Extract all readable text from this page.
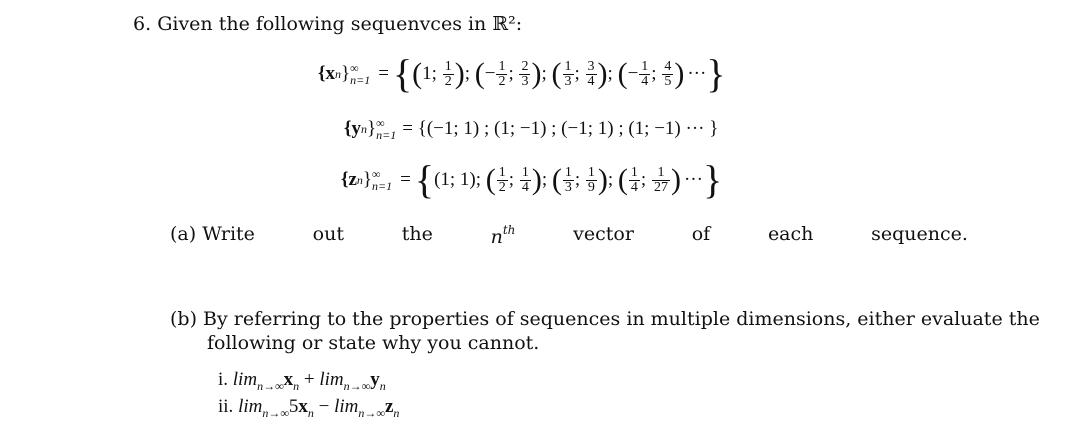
6. Given the following sequenvces in ℝ²:
{x n } ∞
n=1 = { ( 1; $\frac{1}{2}$ ) ; ( − $\frac{1}{2}$ ; $\frac{2}{3}$ ) ; ( $\frac{1}{3}$ ; $\frac{3}{4}$ ) ; ( − $\frac{1}{4}$ ; $\frac{4}{5}$ ) ··· }
{y n } ∞
n=1 = {(−1; 1) ; (1; −1) ; (−1; 1) ; (1; −1) ··· }
{z n } ∞
n=1 = { (1; 1); ( $\frac{1}{2}$ ; $\frac{1}{4}$ ) ; ( $\frac{1}{3}$ ; $\frac{1}{9}$ ) ; ( $\frac{1}{4}$ ; $\frac{1}{27}$ ) ··· }
(a) Write	out	the	$n^{th}$	vector	of	each	sequence.
(b) By referring to the properties of sequences in multiple dimensions, either evaluate the
following or state why you cannot.
i. $\lim_{n\to\infty}x_n + \lim_{n\to\infty}y_n$
ii. $\lim_{n\to\infty}5x_n - \lim_{n\to\infty}z_n$
